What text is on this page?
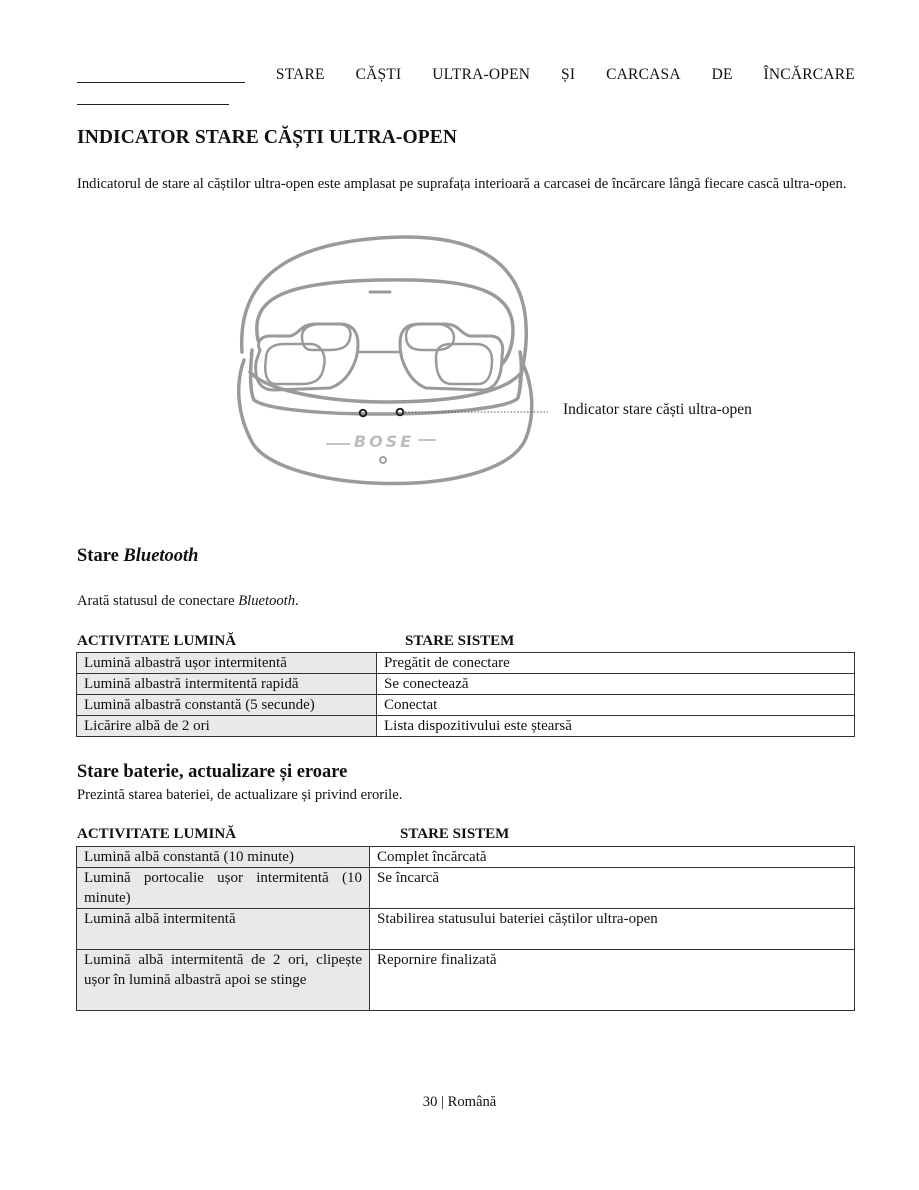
STARE CĂȘTI ULTRA-OPEN ȘI CARCASA DE ÎNCĂRCARE
INDICATOR STARE CĂȘTI ULTRA-OPEN
Indicatorul de stare al căștilor ultra-open este amplasat pe suprafața interioară a carcasei de încărcare lângă fiecare cască ultra-open.
BOSE
Indicator stare căști ultra-open
Stare Bluetooth
Arată statusul de conectare Bluetooth.
ACTIVITATE LUMINĂ	STARE SISTEM
Lumină albastră ușor intermitentă	Pregătit de conectare
Lumină albastră intermitentă rapidă	Se conectează
Lumină albastră constantă (5 secunde)	Conectat
Licărire albă de 2 ori	Lista dispozitivului este ștearsă
Stare baterie, actualizare și eroare
Prezintă starea bateriei, de actualizare și privind erorile.
ACTIVITATE LUMINĂ	STARE SISTEM
Lumină albă constantă (10 minute)	Complet încărcată
Lumină portocalie ușor intermitentă (10 minute)	Se încarcă
Lumină albă intermitentă	Stabilirea statusului bateriei căștilor ultra-open
Lumină albă intermitentă de 2 ori, clipește ușor în lumină albastră apoi se stinge	Repornire finalizată
30 | Română
